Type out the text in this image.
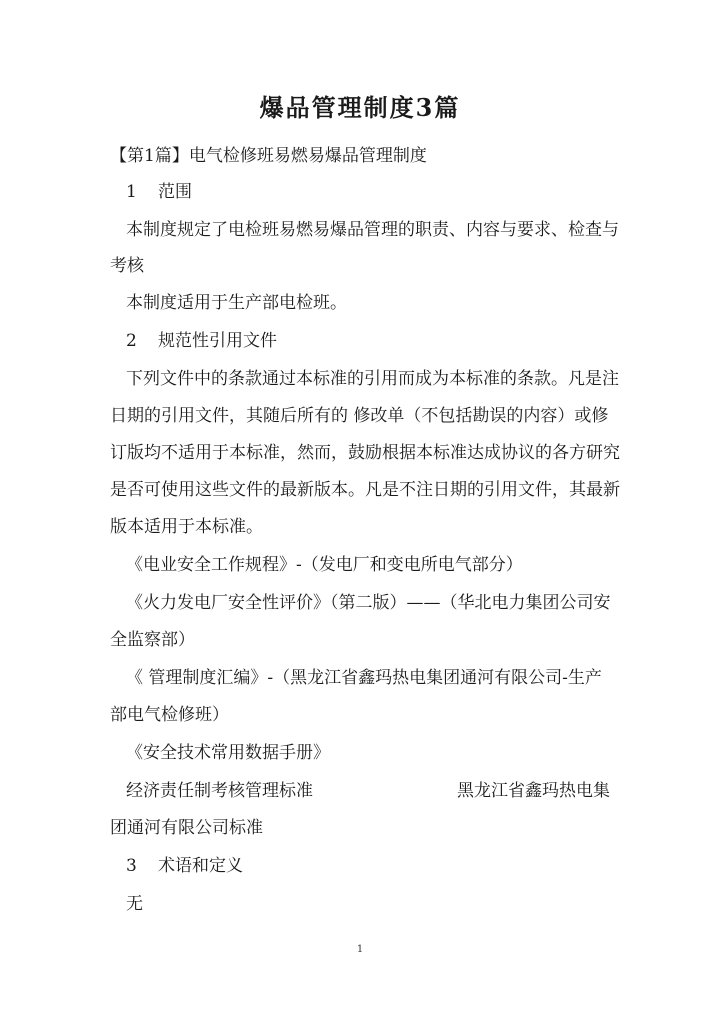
爆品管理制度3篇

【第1篇】电气检修班易燃易爆品管理制度

1 范围

本制度规定了电检班易燃易爆品管理的职责、内容与要求、检查与

考核

本制度适用于生产部电检班。

2 规范性引用文件

下列文件中的条款通过本标准的引用而成为本标准的条款。凡是注

日期的引用文件，其随后所有的 修改单（不包括勘误的内容）或修

订版均不适用于本标准，然而，鼓励根据本标准达成协议的各方研究

是否可使用这些文件的最新版本。凡是不注日期的引用文件，其最新

版本适用于本标准。

《电业安全工作规程》-（发电厂和变电所电气部分）

《火力发电厂安全性评价》（第二版）——（华北电力集团公司安

全监察部）

《 管理制度汇编》-（黑龙江省鑫玛热电集团通河有限公司-生产

部电气检修班）

《安全技术常用数据手册》

经济责任制考核管理标准	黑龙江省鑫玛热电集

团通河有限公司标准

3 术语和定义

无

1
